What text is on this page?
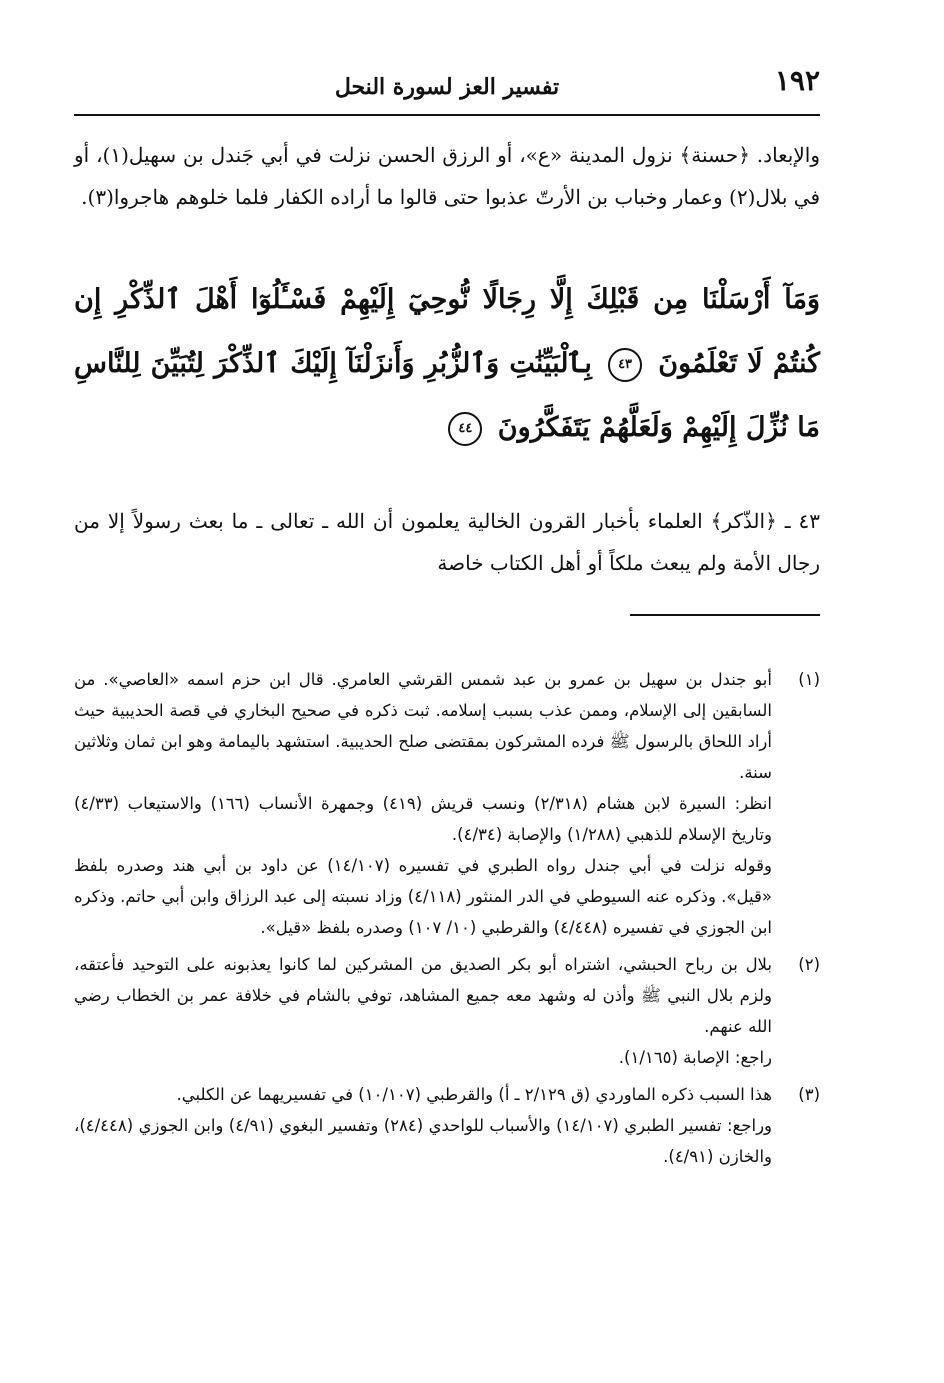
١٩٢
تفسير العز لسورة النحل

والإبعاد. ﴿حسنة﴾ نزول المدينة «ع»، أو الرزق الحسن نزلت في أبي جَندل بن سهيل(١)، أو في بلال(٢) وعمار وخباب بن الأرتّ عذبوا حتى قالوا ما أراده الكفار فلما خلوهم هاجروا(٣).

وَمَآ أَرْسَلْنَا مِن قَبْلِكَ إِلَّا رِجَالًا نُّوحِيٓ إِلَيْهِمْ فَسْـَٔلُوٓا أَهْلَ ٱلذِّكْرِ إِن كُنتُمْ لَا تَعْلَمُونَ ٤٣ بِٱلْبَيِّنَٰتِ وَٱلزُّبُرِ وَأَنزَلْنَآ إِلَيْكَ ٱلذِّكْرَ لِتُبَيِّنَ لِلنَّاسِ مَا نُزِّلَ إِلَيْهِمْ وَلَعَلَّهُمْ يَتَفَكَّرُونَ ٤٤

٤٣ ـ ﴿الذّكر﴾ العلماء بأخبار القرون الخالية يعلمون أن الله ـ تعالى ـ ما بعث رسولاً إلا من رجال الأمة ولم يبعث ملكاً أو أهل الكتاب خاصة

(١)

أبو جندل بن سهيل بن عمرو بن عبد شمس القرشي العامري. قال ابن حزم اسمه «العاصي». من السابقين إلى الإسلام، وممن عذب بسبب إسلامه. ثبت ذكره في صحيح البخاري في قصة الحديبية حيث أراد اللحاق بالرسول ﷺ فرده المشركون بمقتضى صلح الحديبية. استشهد باليمامة وهو ابن ثمان وثلاثين سنة.

انظر: السيرة لابن هشام (٢/٣١٨) ونسب قريش (٤١٩) وجمهرة الأنساب (١٦٦) والاستيعاب (٤/٣٣) وتاريخ الإسلام للذهبي (١/٢٨٨) والإصابة (٤/٣٤).

وقوله نزلت في أبي جندل رواه الطبري في تفسيره (١٤/١٠٧) عن داود بن أبي هند وصدره بلفظ «قيل». وذكره عنه السيوطي في الدر المنثور (٤/١١٨) وزاد نسبته إلى عبد الرزاق وابن أبي حاتم. وذكره ابن الجوزي في تفسيره (٤/٤٤٨) والقرطبي (١٠/ ١٠٧) وصدره بلفظ «قيل».

(٢)

بلال بن رباح الحبشي، اشتراه أبو بكر الصديق من المشركين لما كانوا يعذبونه على التوحيد فأعتقه، ولزم بلال النبي ﷺ وأذن له وشهد معه جميع المشاهد، توفي بالشام في خلافة عمر بن الخطاب رضي الله عنهم.

راجع: الإصابة (١/١٦٥).

(٣)

هذا السبب ذكره الماوردي (ق ٢/١٢٩ ـ أ) والقرطبي (١٠/١٠٧) في تفسيريهما عن الكلبي.

وراجع: تفسير الطبري (١٤/١٠٧) والأسباب للواحدي (٢٨٤) وتفسير البغوي (٤/٩١) وابن الجوزي (٤/٤٤٨)، والخازن (٤/٩١).
